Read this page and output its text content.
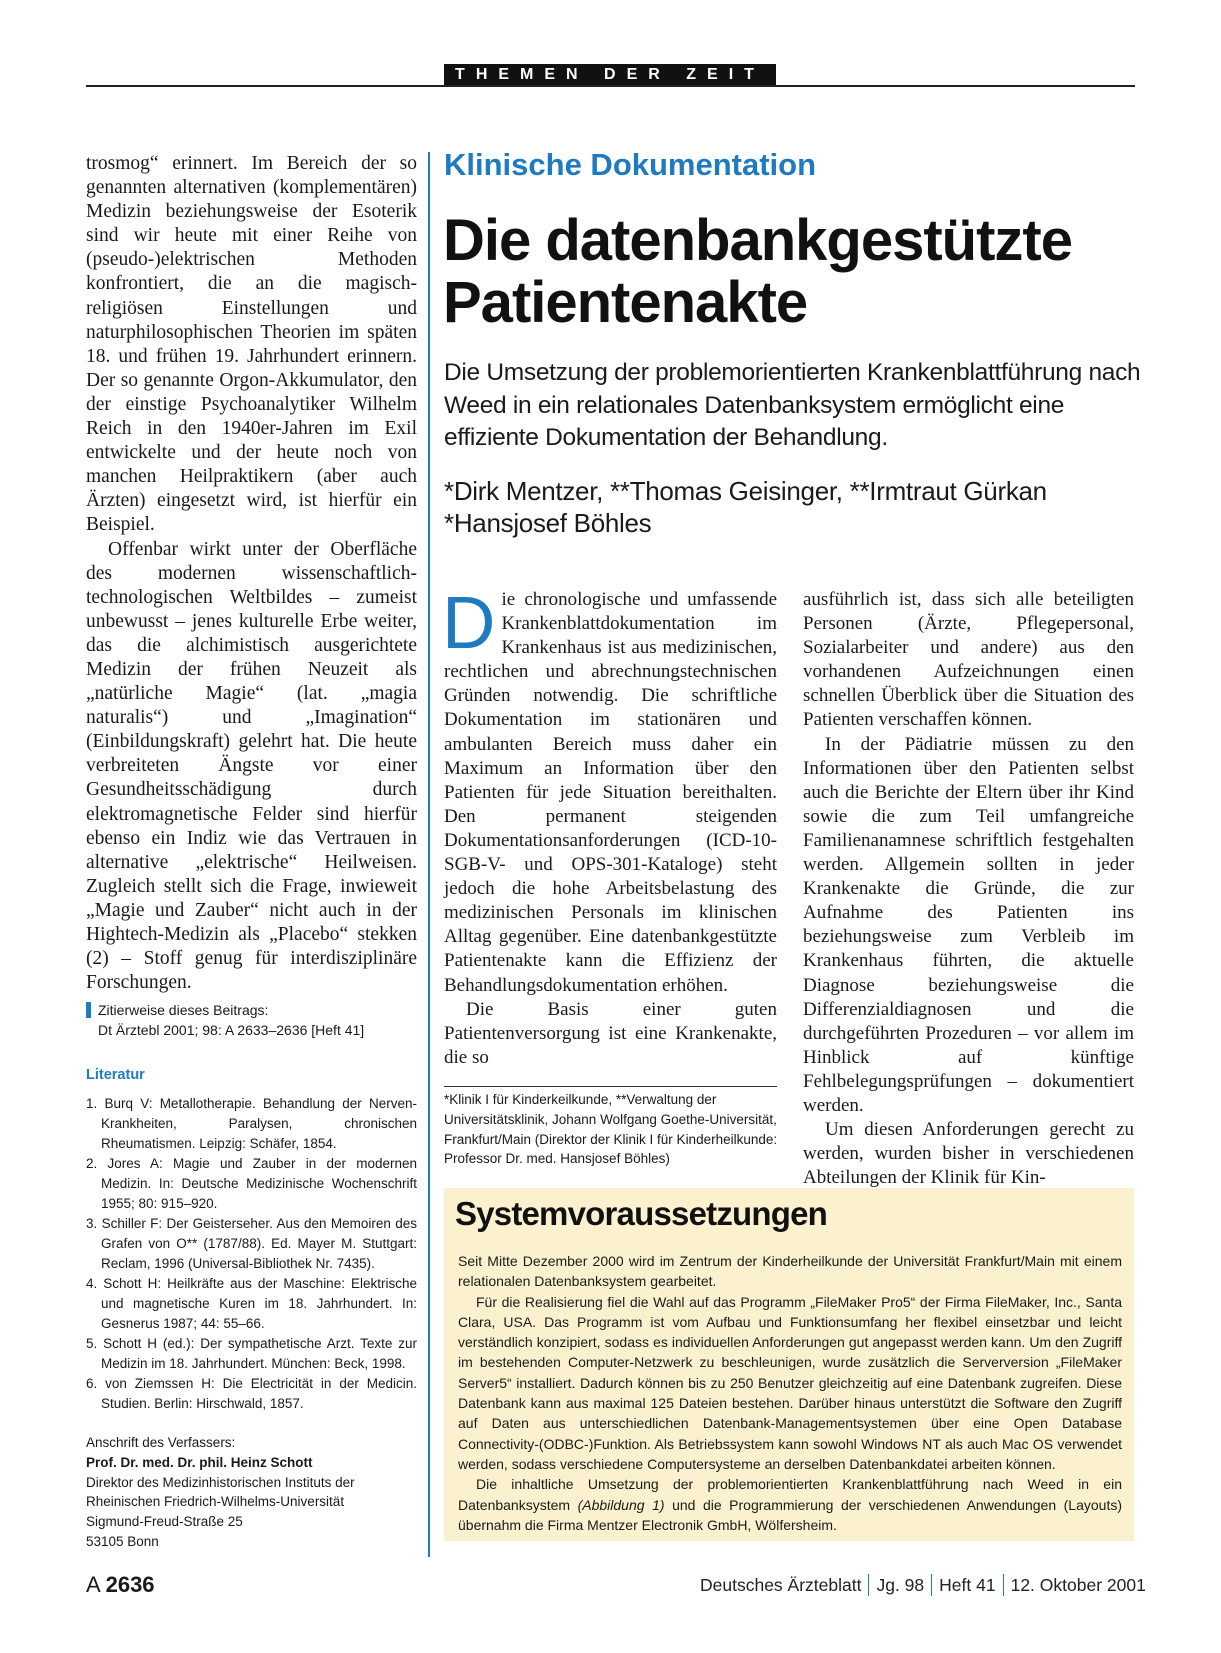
THEMEN DER ZEIT

trosmog“ erinnert. Im Bereich der so genannten alternativen (komplementären) Medizin beziehungsweise der Esoterik sind wir heute mit einer Reihe von (pseudo-)elektrischen Methoden konfrontiert, die an die magisch-religiösen Einstellungen und naturphilosophischen Theorien im späten 18. und frühen 19. Jahrhundert erinnern. Der so genannte Orgon-Akkumulator, den der einstige Psychoanalytiker Wilhelm Reich in den 1940er-Jahren im Exil entwickelte und der heute noch von manchen Heilpraktikern (aber auch Ärzten) eingesetzt wird, ist hierfür ein Beispiel.

Offenbar wirkt unter der Oberfläche des modernen wissenschaftlich-technologischen Weltbildes – zumeist unbewusst – jenes kulturelle Erbe weiter, das die alchimistisch ausgerichtete Medizin der frühen Neuzeit als „natürliche Magie“ (lat. „magia naturalis“) und „Imagination“ (Einbildungskraft) gelehrt hat. Die heute verbreiteten Ängste vor einer Gesundheitsschädigung durch elektromagnetische Felder sind hierfür ebenso ein Indiz wie das Vertrauen in alternative „elektrische“ Heilweisen. Zugleich stellt sich die Frage, inwieweit „Magie und Zauber“ nicht auch in der Hightech-Medizin als „Placebo“ stekken (2) – Stoff genug für interdisziplinäre Forschungen.

Zitierweise dieses Beitrags:
Dt Ärztebl 2001; 98: A 2633–2636 [Heft 41]
Literatur
1. Burq V: Metallotherapie. Behandlung der Nerven-Krankheiten, Paralysen, chronischen Rheumatismen. Leipzig: Schäfer, 1854.
2. Jores A: Magie und Zauber in der modernen Medizin. In: Deutsche Medizinische Wochenschrift 1955; 80: 915–920.
3. Schiller F: Der Geisterseher. Aus den Memoiren des Grafen von O** (1787/88). Ed. Mayer M. Stuttgart: Reclam, 1996 (Universal-Bibliothek Nr. 7435).
4. Schott H: Heilkräfte aus der Maschine: Elektrische und magnetische Kuren im 18. Jahrhundert. In: Gesnerus 1987; 44: 55–66.
5. Schott H (ed.): Der sympathetische Arzt. Texte zur Medizin im 18. Jahrhundert. München: Beck, 1998.
6. von Ziemssen H: Die Electricität in der Medicin. Studien. Berlin: Hirschwald, 1857.
Anschrift des Verfassers:
Prof. Dr. med. Dr. phil. Heinz Schott
Direktor des Medizinhistorischen Instituts der
Rheinischen Friedrich-Wilhelms-Universität
Sigmund-Freud-Straße 25
53105 Bonn
Klinische Dokumentation
Die datenbankgestützte
Patientenakte
Die Umsetzung der problemorientierten Krankenblattführung nach Weed in ein relationales Datenbanksystem ermöglicht eine effiziente Dokumentation der Behandlung.
*Dirk Mentzer, **Thomas Geisinger, **Irmtraut Gürkan
*Hansjosef Böhles

Die chronologische und umfassende Krankenblattdokumentation im Krankenhaus ist aus medizinischen, rechtlichen und abrechnungstechnischen Gründen notwendig. Die schriftliche Dokumentation im stationären und ambulanten Bereich muss daher ein Maximum an Information über den Patienten für jede Situation bereithalten. Den permanent steigenden Dokumentationsanforderungen (ICD-10-SGB-V- und OPS-301-Kataloge) steht jedoch die hohe Arbeitsbelastung des medizinischen Personals im klinischen Alltag gegenüber. Eine datenbankgestützte Patientenakte kann die Effizienz der Behandlungsdokumentation erhöhen.

Die Basis einer guten Patientenversorgung ist eine Krankenakte, die so

*Klinik I für Kinderkeilkunde, **Verwaltung der Universitätsklinik, Johann Wolfgang Goethe-Universität, Frankfurt/Main (Direktor der Klinik I für Kinderheilkunde: Professor Dr. med. Hansjosef Böhles)

ausführlich ist, dass sich alle beteiligten Personen (Ärzte, Pflegepersonal, Sozialarbeiter und andere) aus den vorhandenen Aufzeichnungen einen schnellen Überblick über die Situation des Patienten verschaffen können.

In der Pädiatrie müssen zu den Informationen über den Patienten selbst auch die Berichte der Eltern über ihr Kind sowie die zum Teil umfangreiche Familienanamnese schriftlich festgehalten werden. Allgemein sollten in jeder Krankenakte die Gründe, die zur Aufnahme des Patienten ins beziehungsweise zum Verbleib im Krankenhaus führten, die aktuelle Diagnose beziehungsweise die Differenzialdiagnosen und die durchgeführten Prozeduren – vor allem im Hinblick auf künftige Fehlbelegungsprüfungen – dokumentiert werden.

Um diesen Anforderungen gerecht zu werden, wurden bisher in verschiedenen Abteilungen der Klinik für Kin-

Systemvoraussetzungen

Seit Mitte Dezember 2000 wird im Zentrum der Kinderheilkunde der Universität Frankfurt/Main mit einem relationalen Datenbanksystem gearbeitet.

Für die Realisierung fiel die Wahl auf das Programm „FileMaker Pro5“ der Firma FileMaker, Inc., Santa Clara, USA. Das Programm ist vom Aufbau und Funktionsumfang her flexibel einsetzbar und leicht verständlich konzipiert, sodass es individuellen Anforderungen gut angepasst werden kann. Um den Zugriff im bestehenden Computer-Netzwerk zu beschleunigen, wurde zusätzlich die Serverversion „FileMaker Server5“ installiert. Dadurch können bis zu 250 Benutzer gleichzeitig auf eine Datenbank zugreifen. Diese Datenbank kann aus maximal 125 Dateien bestehen. Darüber hinaus unterstützt die Software den Zugriff auf Daten aus unterschiedlichen Datenbank-Managementsystemen über eine Open Database Connectivity-(ODBC-)Funktion. Als Betriebssystem kann sowohl Windows NT als auch Mac OS verwendet werden, sodass verschiedene Computersysteme an derselben Datenbankdatei arbeiten können.

Die inhaltliche Umsetzung der problemorientierten Krankenblattführung nach Weed in ein Datenbanksystem (Abbildung 1) und die Programmierung der verschiedenen Anwendungen (Layouts) übernahm die Firma Mentzer Electronik GmbH, Wölfersheim.

A 2636	Deutsches Ärzteblatt Jg. 98 Heft 41 12. Oktober 2001
